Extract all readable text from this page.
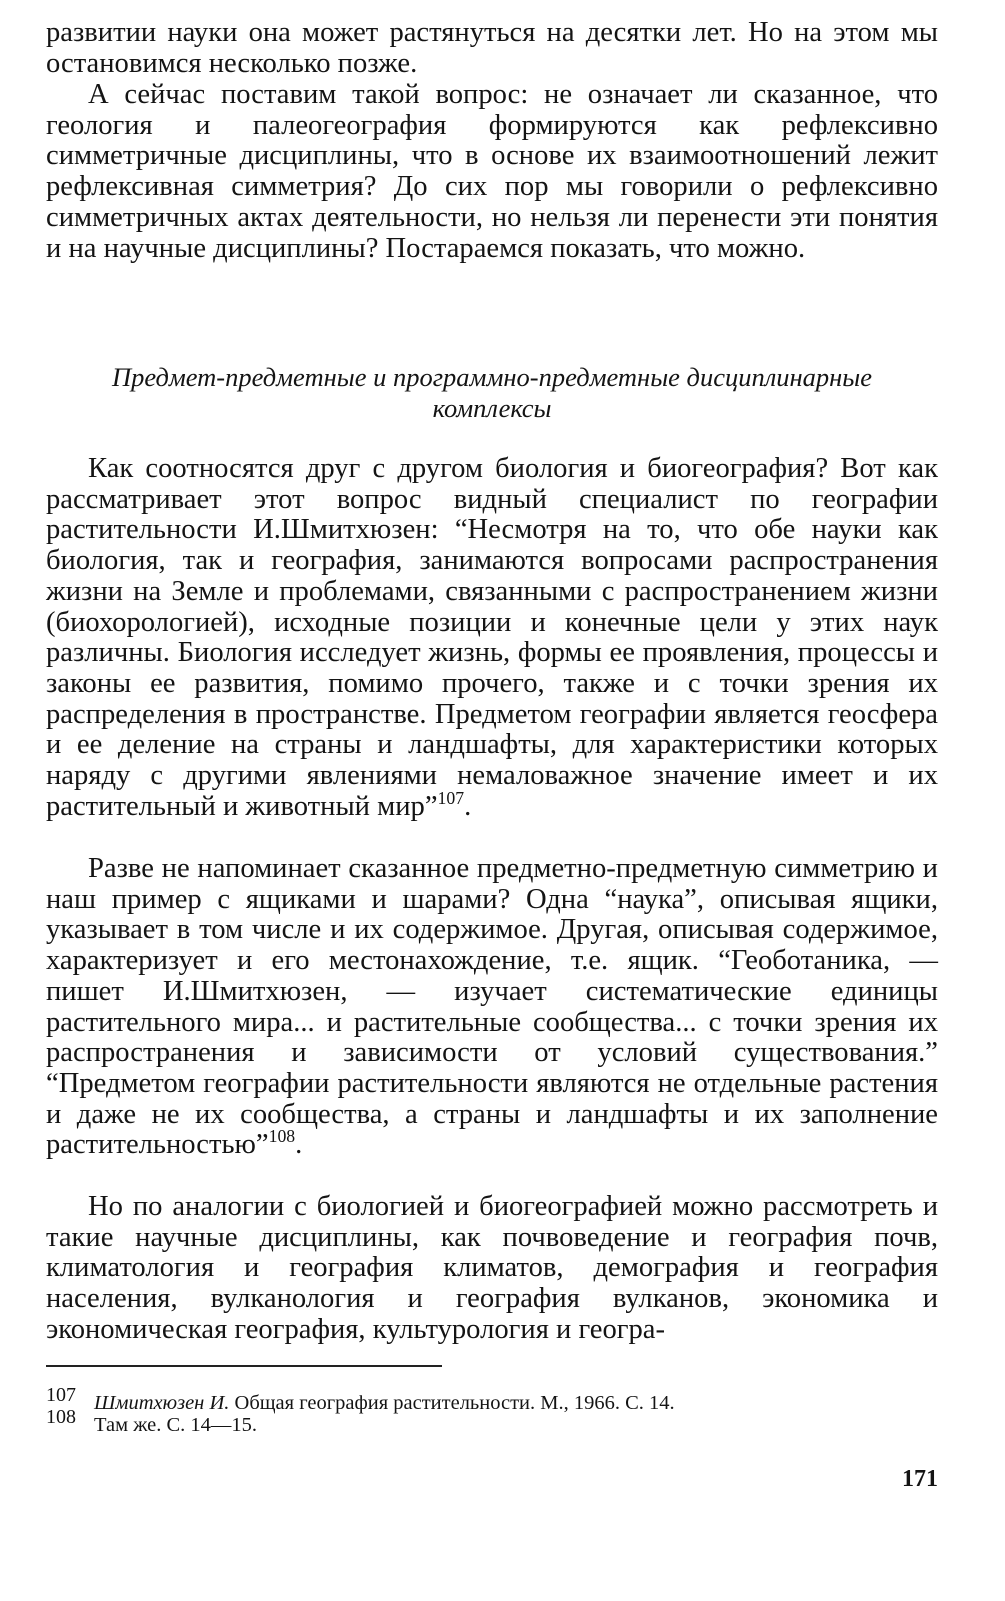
развитии науки она может растянуться на десятки лет. Но на этом мы остановимся несколько позже.

А сейчас поставим такой вопрос: не означает ли сказанное, что геология и палеогеография формируются как рефлексивно симметричные дисциплины, что в основе их взаимоотношений лежит рефлексивная симметрия? До сих пор мы говорили о рефлексивно симметричных актах деятельности, но нельзя ли перенести эти понятия и на научные дисциплины? Постараемся показать, что можно.

Предмет-предметные и программно-предметные дисциплинарные
комплексы

Как соотносятся друг с другом биология и биогеография? Вот как рассматривает этот вопрос видный специалист по географии растительности И.Шмитхюзен: “Несмотря на то, что обе науки как биология, так и география, занимаются вопросами распространения жизни на Земле и проблемами, связанными с распространением жизни (биохорологией), исходные позиции и конечные цели у этих наук различны. Биология исследует жизнь, формы ее проявления, процессы и законы ее развития, помимо прочего, также и с точки зрения их распределения в пространстве. Предметом географии является геосфера и ее деление на страны и ландшафты, для характеристики которых наряду с другими явлениями немаловажное значение имеет и их растительный и животный мир”$^{107}$.

Разве не напоминает сказанное предметно-предметную симметрию и наш пример с ящиками и шарами? Одна “наука”, описывая ящики, указывает в том числе и их содержимое. Другая, описывая содержимое, характеризует и его местонахождение, т.е. ящик. “Геоботаника, — пишет И.Шмитхюзен, — изучает систематические единицы растительного мира... и растительные сообщества... с точки зрения их распространения и зависимости от условий существования.” “Предметом географии растительности являются не отдельные растения и даже не их сообщества, а страны и ландшафты и их заполнение растительностью”$^{108}$.

Но по аналогии с биологией и биогеографией можно рассмотреть и такие научные дисциплины, как почвоведение и география почв, климатология и география климатов, демография и география населения, вулканология и география вулканов, экономика и экономическая география, культурология и геогра-

107 Шмитхюзен И. Общая география растительности. М., 1966. С. 14.
108 Там же. С. 14—15.
171
